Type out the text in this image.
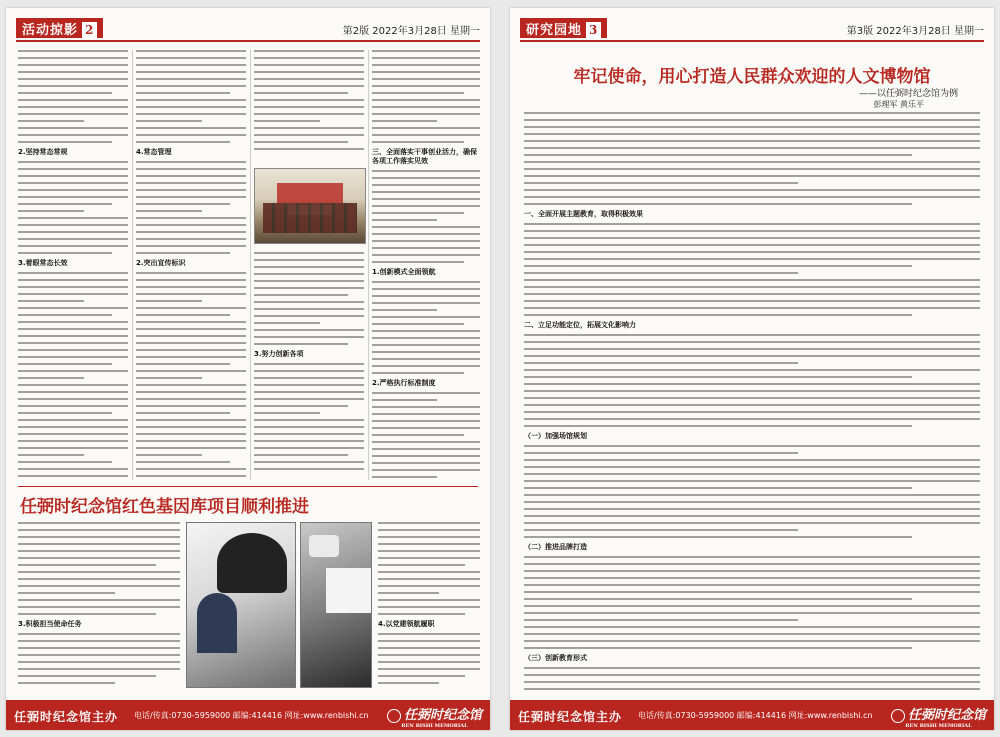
活动掠影 2	第2版 2022年3月28日 星期一
2.坚持常态常规
3.着眼常态长效
4.常态管理
2.突出宣传标识
3.努力创新各项
三、全面落实干事创业活力，确保各项工作落实见效
1.创新模式全面领航
2.严格执行标准制度
任弼时纪念馆红色基因库项目顺利推进
3.积极担当使命任务	4.以党建领航履职
任弼时纪念馆主办 电话/传真:0730-5959000 邮编:414416 网址:www.renbishi.cn	任弼时纪念馆
REN BISHI MEMORIAL
研究园地 3	第3版 2022年3月28日 星期一
牢记使命，用心打造人民群众欢迎的人文博物馆
——以任弼时纪念馆为例
彭理军 黄乐平
一、全面开展主题教育，取得积极效果
二、立足功能定位，拓展文化影响力
（一）加强场馆规划
（二）推进品牌打造
（三）创新教育形式
任弼时纪念馆主办 电话/传真:0730-5959000 邮编:414416 网址:www.renbishi.cn	任弼时纪念馆
REN BISHI MEMORIAL
